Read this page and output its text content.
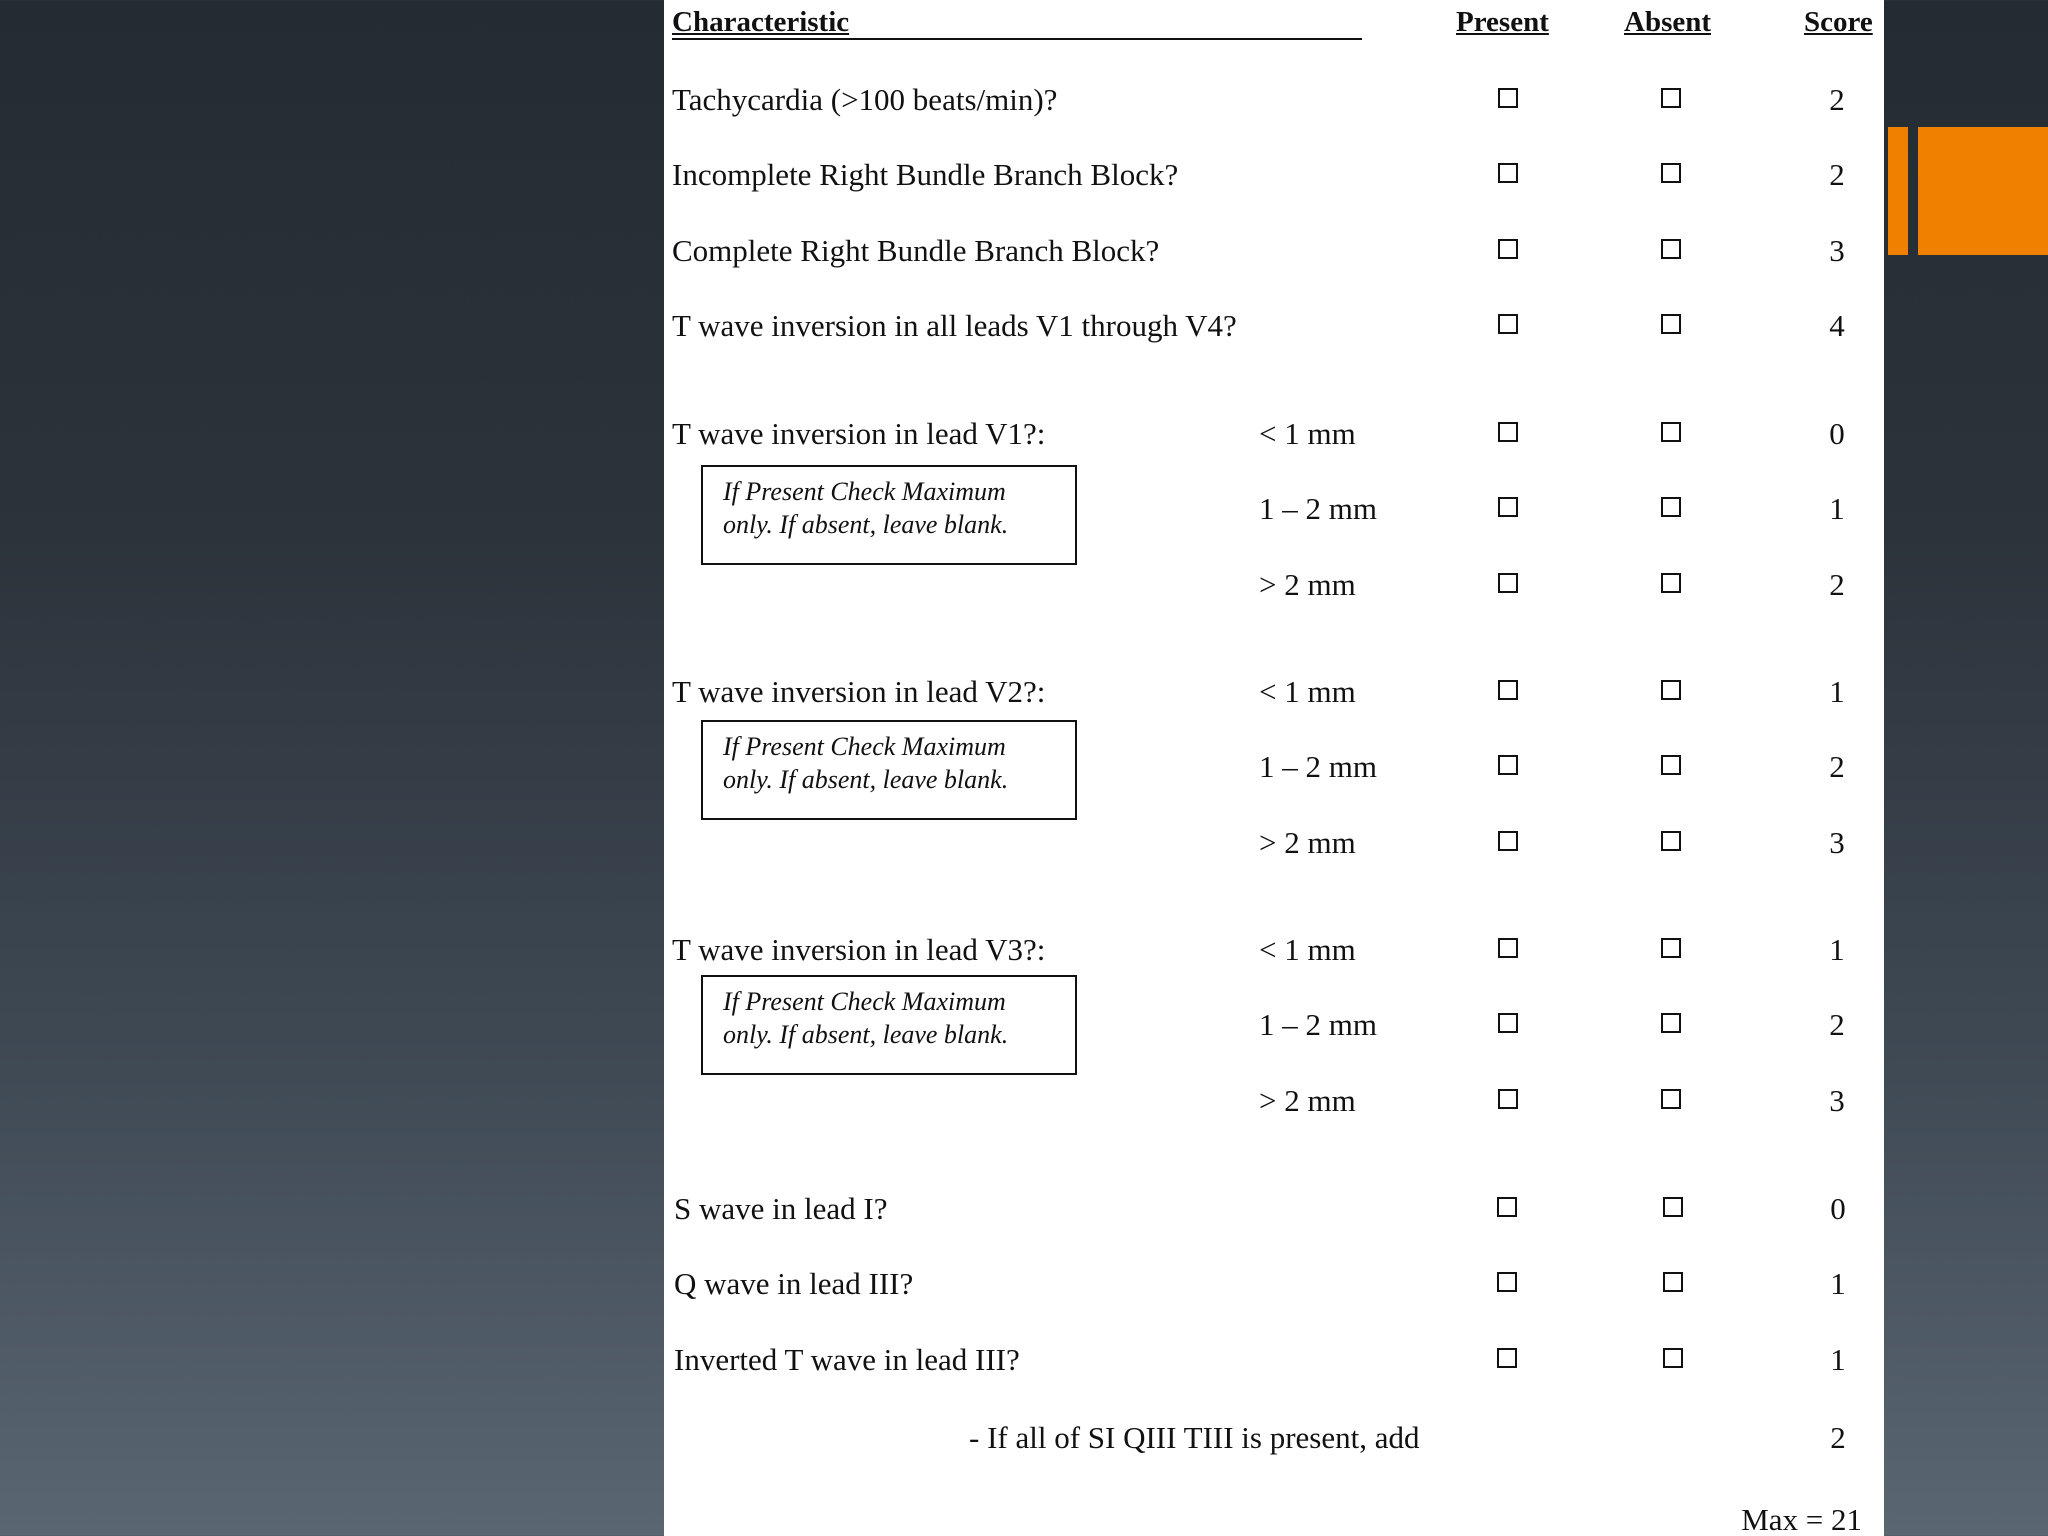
Characteristic	Present	Absent	Score
Tachycardia (>100 beats/min)?	2
Incomplete Right Bundle Branch Block?	2
Complete Right Bundle Branch Block?	3
T wave inversion in all leads V1 through V4?	4
T wave inversion in lead V1?:
If Present Check Maximum
only. If absent, leave blank.
< 1 mm	0
1 – 2 mm	1
> 2 mm	2
T wave inversion in lead V2?:
If Present Check Maximum
only. If absent, leave blank.
< 1 mm	1
1 – 2 mm	2
> 2 mm	3
T wave inversion in lead V3?:
If Present Check Maximum
only. If absent, leave blank.
< 1 mm	1
1 – 2 mm	2
> 2 mm	3
S wave in lead I?	0
Q wave in lead III?	1
Inverted T wave in lead III?	1
- If all of SI QIII TIII is present, add	2
Max = 21
